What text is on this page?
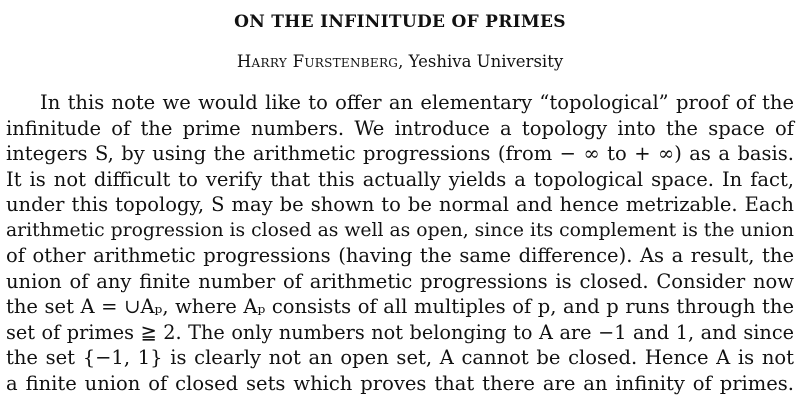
ON THE INFINITUDE OF PRIMES
Harry Furstenberg, Yeshiva University
In this note we would like to offer an elementary “topological” proof of the
infinitude of the prime numbers. We introduce a topology into the space of
integers S, by using the arithmetic progressions (from − ∞ to + ∞) as a basis.
It is not difficult to verify that this actually yields a topological space. In fact,
under this topology, S may be shown to be normal and hence metrizable. Each
arithmetic progression is closed as well as open, since its complement is the union
of other arithmetic progressions (having the same difference). As a result, the
union of any finite number of arithmetic progressions is closed. Consider now
the set A = ∪Aₚ, where Aₚ consists of all multiples of p, and p runs through the
set of primes ≧ 2. The only numbers not belonging to A are −1 and 1, and since
the set {−1, 1} is clearly not an open set, A cannot be closed. Hence A is not
a finite union of closed sets which proves that there are an infinity of primes.
